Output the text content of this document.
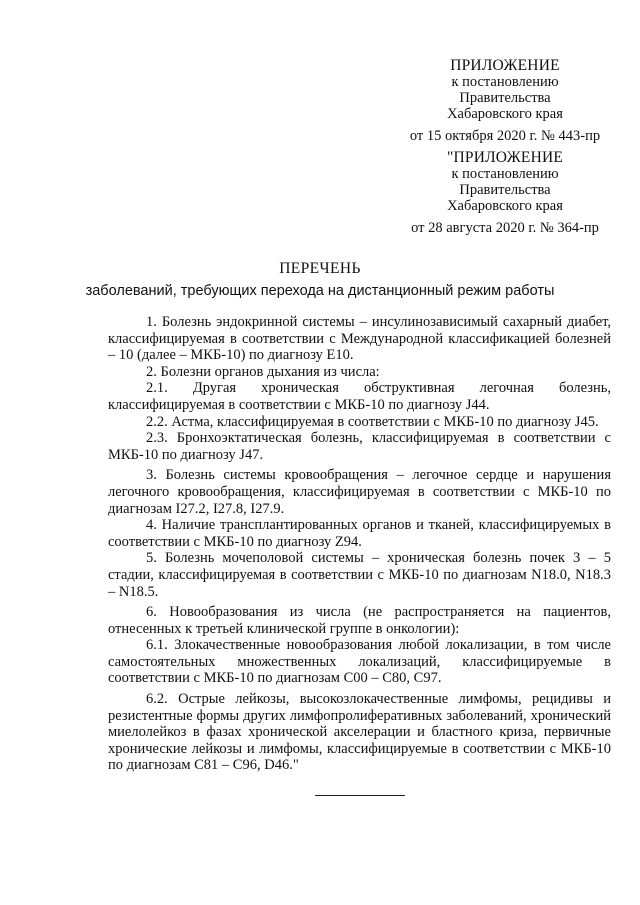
ПРИЛОЖЕНИЕ
к постановлению
Правительства
Хабаровского края
от 15 октября 2020 г. № 443-пр
"ПРИЛОЖЕНИЕ
к постановлению
Правительства
Хабаровского края
от 28 августа 2020 г. № 364-пр
ПЕРЕЧЕНЬ
заболеваний, требующих перехода на дистанционный режим работы

1. Болезнь эндокринной системы – инсулинозависимый сахарный диабет, классифицируемая в соответствии с Международной классификацией болезней – 10 (далее – МКБ-10) по диагнозу E10.

2. Болезни органов дыхания из числа:

2.1. Другая хроническая обструктивная легочная болезнь, классифицируемая в соответствии с МКБ-10 по диагнозу J44.

2.2. Астма, классифицируемая в соответствии с МКБ-10 по диагнозу J45.

2.3. Бронхоэктатическая болезнь, классифицируемая в соответствии с МКБ-10 по диагнозу J47.

3. Болезнь системы кровообращения – легочное сердце и нарушения легочного кровообращения, классифицируемая в соответствии с МКБ-10 по диагнозам I27.2, I27.8, I27.9.

4. Наличие трансплантированных органов и тканей, классифицируемых в соответствии с МКБ-10 по диагнозу Z94.

5. Болезнь мочеполовой системы – хроническая болезнь почек 3 – 5 стадии, классифицируемая в соответствии с МКБ-10 по диагнозам N18.0, N18.3 – N18.5.

6. Новообразования из числа (не распространяется на пациентов, отнесенных к третьей клинической группе в онкологии):

6.1. Злокачественные новообразования любой локализации, в том числе самостоятельных множественных локализаций, классифицируемые в соответствии с МКБ-10 по диагнозам C00 – C80, C97.

6.2. Острые лейкозы, высокозлокачественные лимфомы, рецидивы и резистентные формы других лимфопролиферативных заболеваний, хронический миелолейкоз в фазах хронической акселерации и бластного криза, первичные хронические лейкозы и лимфомы, классифицируемые в соответствии с МКБ-10 по диагнозам C81 – C96, D46."
